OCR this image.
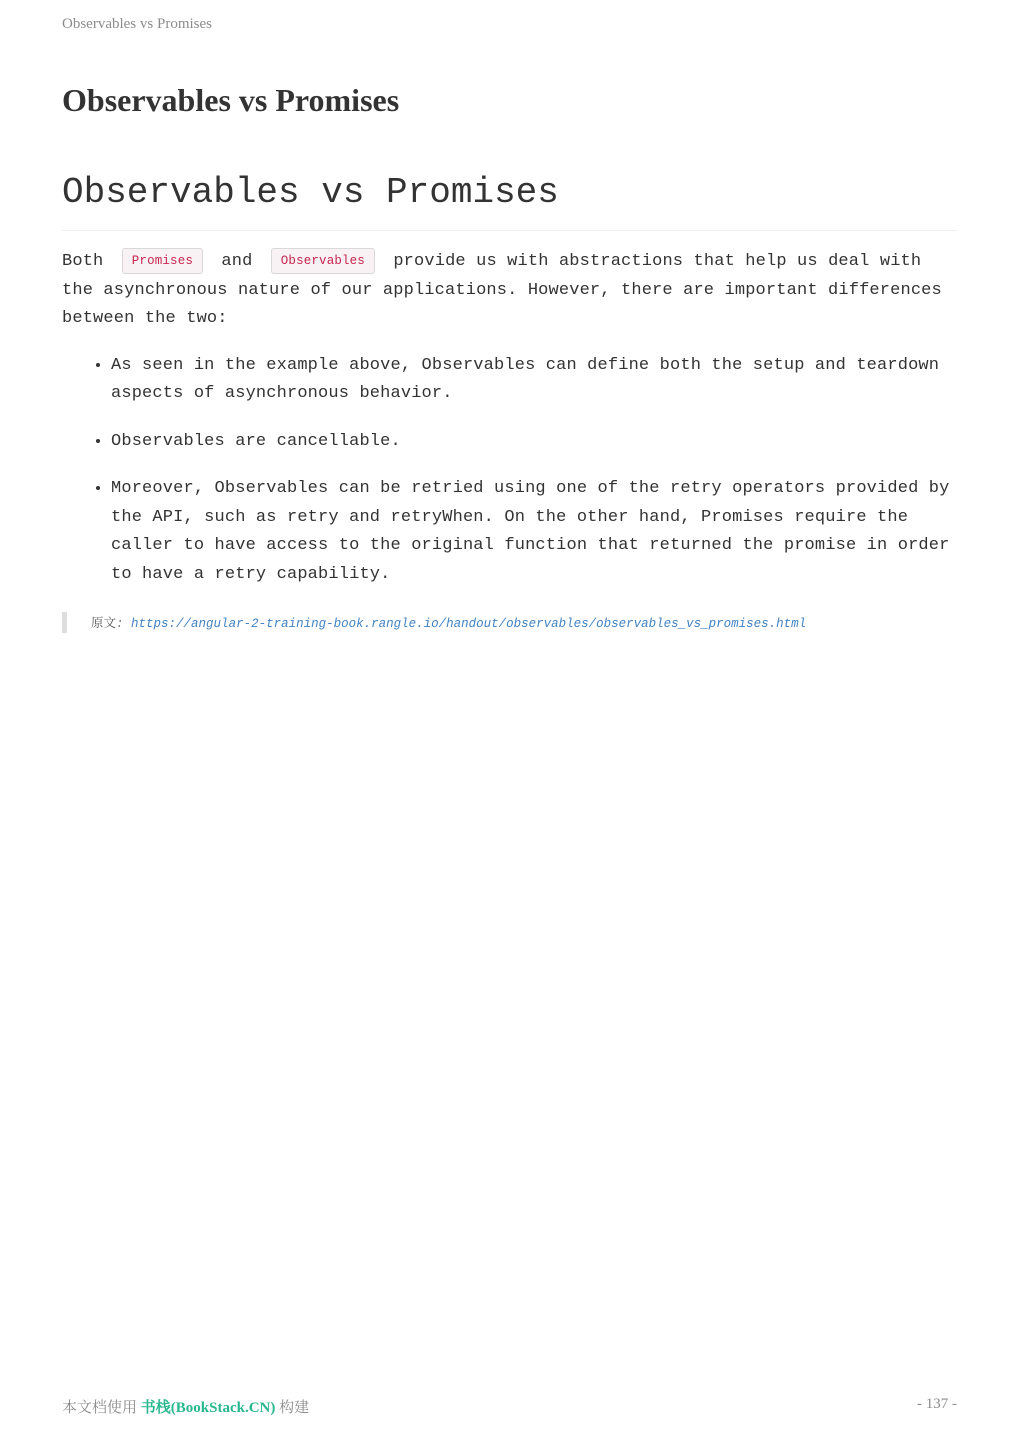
Observables vs Promises
Observables vs Promises
Observables vs Promises

Both Promises and Observables provide us with abstractions that help us deal with the asynchronous nature of our applications. However, there are important differences between the two:

• As seen in the example above, Observables can define both the setup and teardown aspects of asynchronous behavior.
• Observables are cancellable.
• Moreover, Observables can be retried using one of the retry operators provided by the API, such as retry and retryWhen. On the other hand, Promises require the caller to have access to the original function that returned the promise in order to have a retry capability.
原文: https://angular-2-training-book.rangle.io/handout/observables/observables_vs_promises.html
本文档使用 书栈(BookStack.CN) 构建	- 137 -
